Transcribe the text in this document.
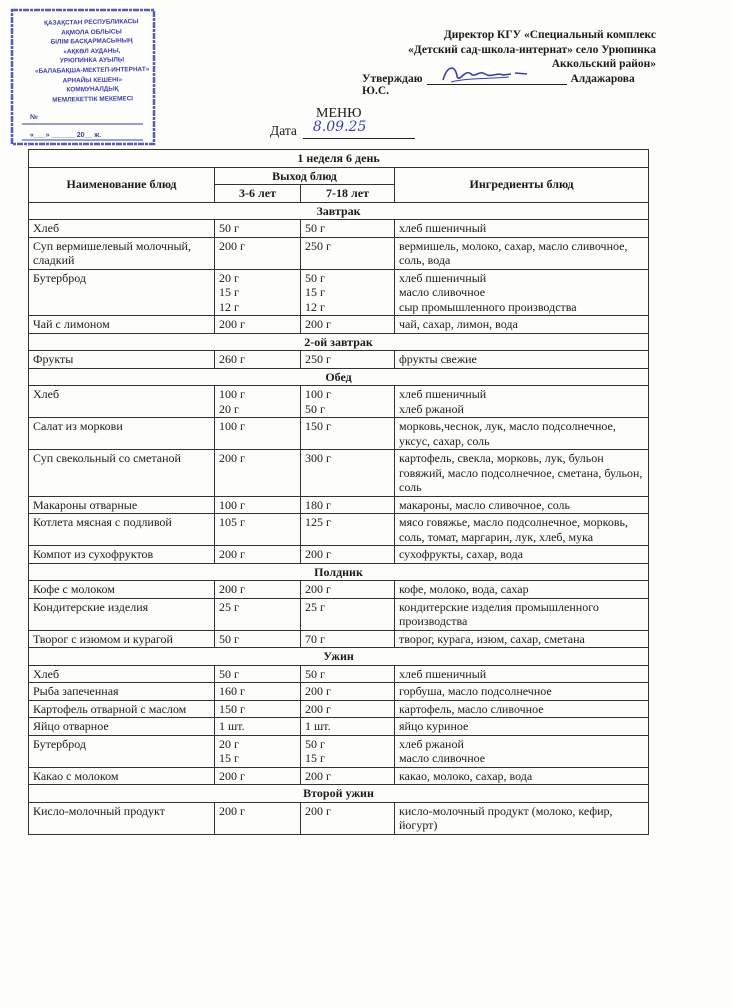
ҚАЗАҚСТАН РЕСПУБЛИКАСЫ
АҚМОЛА ОБЛЫСЫ
БІЛІМ БАСҚАРМАСЫНЫҢ
«АҚКӨЛ АУДАНЫ,
УРЮПИНКА АУЫЛЫ
«БАЛАБАҚША-МЕКТЕП-ИНТЕРНАТ»
АРНАЙЫ КЕШЕНІ»
КОММУНАЛДЫҚ
МЕМЛЕКЕТТІК МЕКЕМЕСІ
№
«___» ______ 20__ ж.
Директор КГУ «Специальный комплекс
«Детский сад-школа-интернат» село Урюпинка
Аккольский район»
Утверждаю	Алдажарова Ю.С.
МЕНЮ
Дата 8.09.25
1 неделя 6 день			
Наименование блюд	Выход блюд		Ингредиенты блюд
	3-6 лет	7-18 лет	
Завтрак			
Хлеб	50 г	50 г	хлеб пшеничный
Суп вермишелевый молочный, сладкий	200 г	250 г	вермишель, молоко, сахар, масло сливочное, соль, вода
Бутерброд	20 г
15 г
12 г	50 г
15 г
12 г	хлеб пшеничный
масло сливочное
сыр промышленного производства
Чай с лимоном	200 г	200 г	чай, сахар, лимон, вода
2-ой завтрак			
Фрукты	260 г	250 г	фрукты свежие
Обед			
Хлеб	100 г
20 г	100 г
50 г	хлеб пшеничный
хлеб ржаной
Салат из моркови	100 г	150 г	морковь,чеснок, лук, масло подсолнечное, уксус, сахар, соль
Суп свекольный со сметаной	200 г	300 г	картофель, свекла, морковь, лук, бульон говяжий, масло подсолнечное, сметана, бульон, соль
Макароны отварные	100 г	180 г	макароны, масло сливочное, соль
Котлета мясная с подливой	105 г	125 г	мясо говяжье, масло подсолнечное, морковь, соль, томат, маргарин, лук, хлеб, мука
Компот из сухофруктов	200 г	200 г	сухофрукты, сахар, вода
Полдник			
Кофе с молоком	200 г	200 г	кофе, молоко, вода, сахар
Кондитерские изделия	25 г	25 г	кондитерские изделия промышленного производства
Творог с изюмом и курагой	50 г	70 г	творог, курага, изюм, сахар, сметана
Ужин			
Хлеб	50 г	50 г	хлеб пшеничный
Рыба запеченная	160 г	200 г	горбуша, масло подсолнечное
Картофель отварной с маслом	150 г	200 г	картофель, масло сливочное
Яйцо отварное	1 шт.	1 шт.	яйцо куриное
Бутерброд	20 г
15 г	50 г
15 г	хлеб ржаной
масло сливочное
Какао с молоком	200 г	200 г	какао, молоко, сахар, вода
Второй ужин			
Кисло-молочный продукт	200 г	200 г	кисло-молочный продукт (молоко, кефир, йогурт)
